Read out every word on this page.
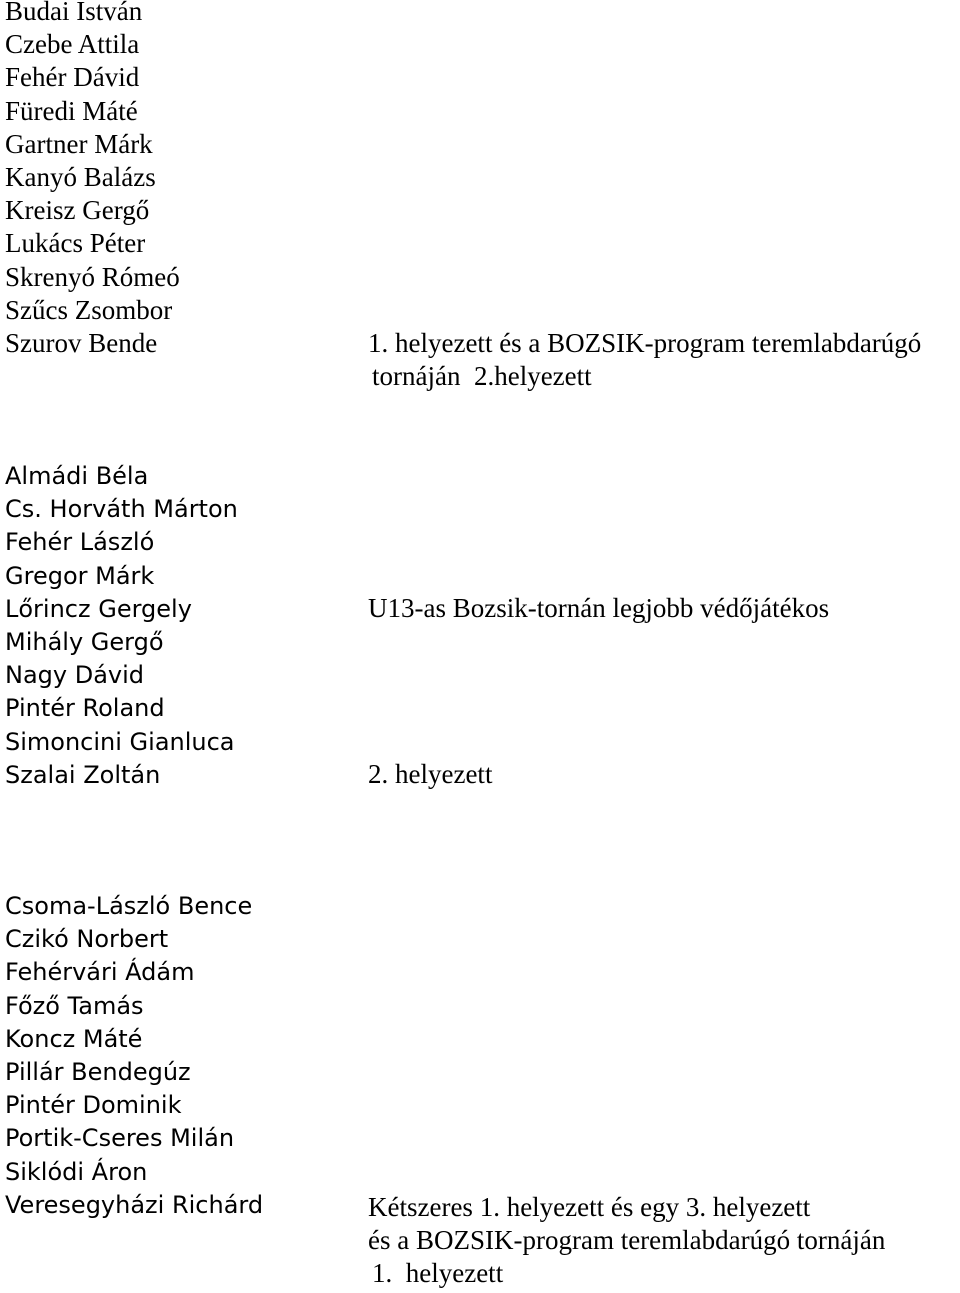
Budai István
Czebe Attila
Fehér Dávid
Füredi Máté
Gartner Márk
Kanyó Balázs
Kreisz Gergő
Lukács Péter
Skrenyó Rómeó
Szűcs Zsombor
Szurov Bende	1. helyezett és a BOZSIK-program teremlabdarúgó

tornáján  2.helyezett

Almádi Béla
Cs. Horváth Márton
Fehér László
Gregor Márk
Lőrincz Gergely
Mihály Gergő
Nagy Dávid
Pintér Roland
Simoncini Gianluca
Szalai Zoltán

U13-as Bozsik-tornán legjobb védőjátékos

2. helyezett

Csoma-László Bence
Czikó Norbert
Fehérvári Ádám
Főző Tamás
Koncz Máté
Pillár Bendegúz
Pintér Dominik
Portik-Cseres Milán
Siklódi Áron
Veresegyházi Richárd	Kétszeres 1. helyezett és egy 3. helyezett

és a BOZSIK-program teremlabdarúgó tornáján

1.  helyezett
